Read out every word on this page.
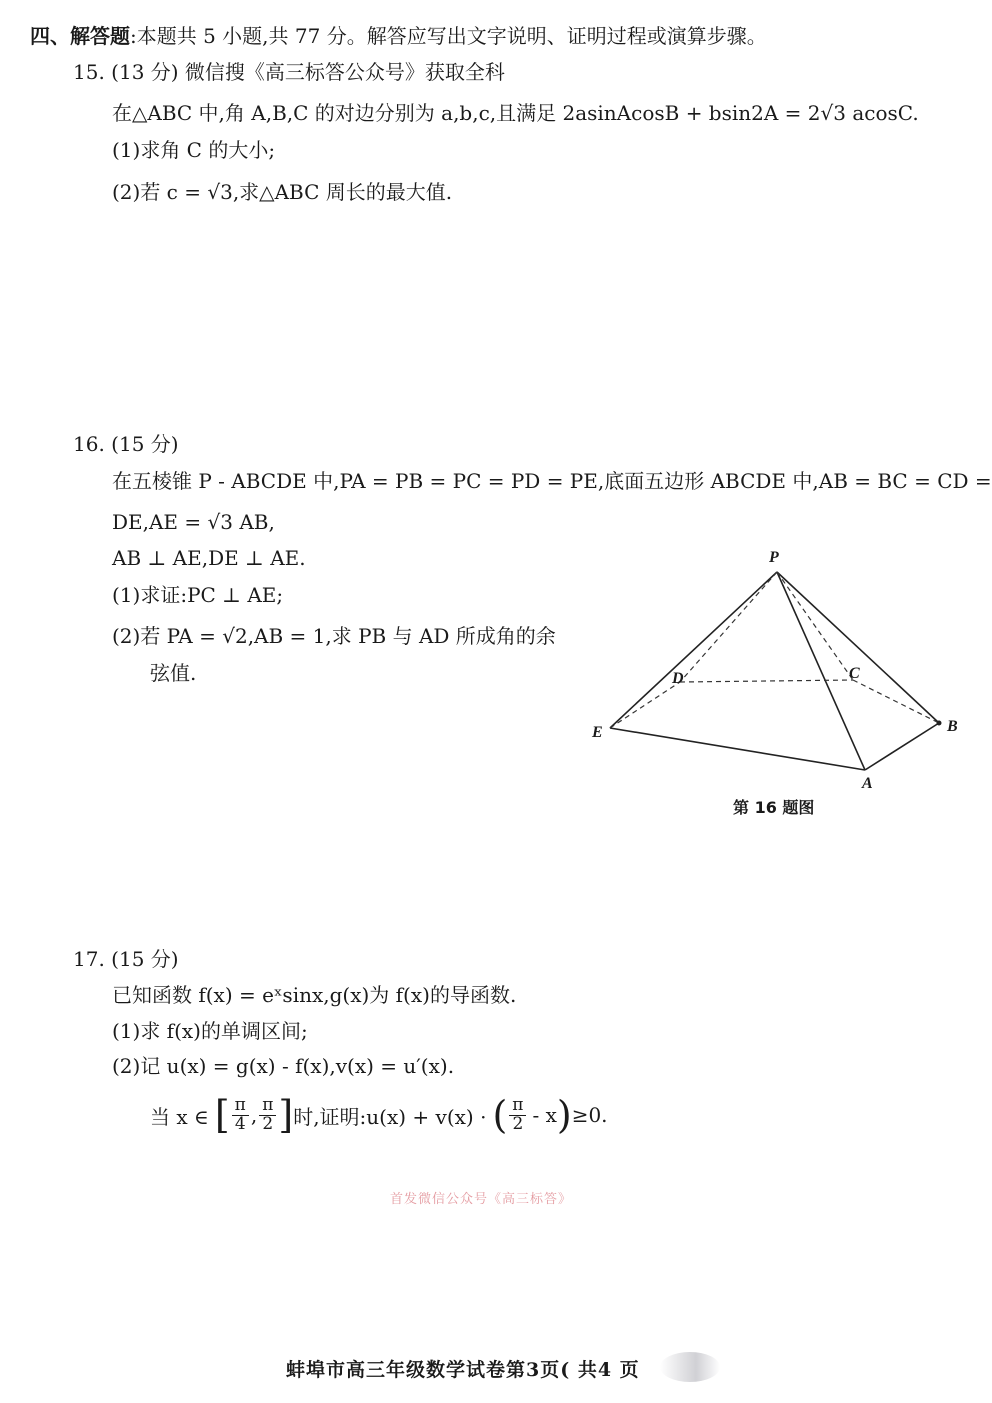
四、解答题:本题共 5 小题,共 77 分。解答应写出文字说明、证明过程或演算步骤。
15. (13 分) 微信搜《高三标答公众号》获取全科
在△ABC 中,角 A,B,C 的对边分别为 a,b,c,且满足 2asinAcosB + bsin2A = 2√3 acosC.
(1)求角 C 的大小;
(2)若 c = √3,求△ABC 周长的最大值.
16. (15 分)
在五棱锥 P - ABCDE 中,PA = PB = PC = PD = PE,底面五边形 ABCDE 中,AB = BC = CD =
DE,AE = √3 AB,
AB ⊥ AE,DE ⊥ AE.
(1)求证:PC ⊥ AE;
(2)若 PA = √2,AB = 1,求 PB 与 AD 所成角的余
弦值.
P
D	C
E	B
A
第 16 题图
17. (15 分)
已知函数 f(x) = eˣsinx,g(x)为 f(x)的导函数.
(1)求 f(x)的单调区间;
(2)记 u(x) = g(x) - f(x),v(x) = u′(x).
当 x ∈ [ $\frac{\pi}{4}$ , $\frac{\pi}{2}$ ] 时,证明:u(x) + v(x) · ( $\frac{\pi}{2}$ - x ) ≥0.
首发微信公众号《高三标答》
蚌埠市高三年级数学试卷第3页( 共4 页
